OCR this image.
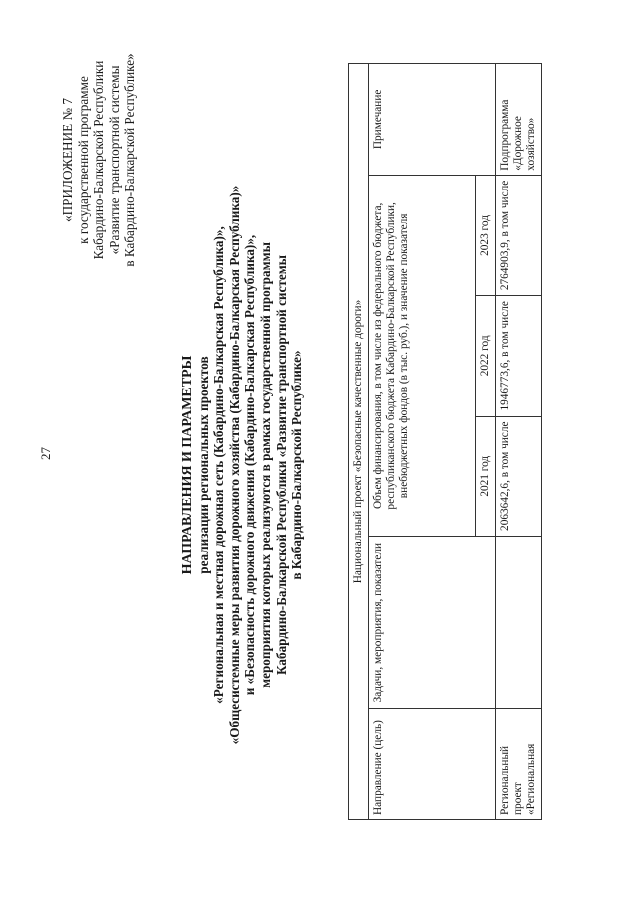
27
«ПРИЛОЖЕНИЕ № 7 к государственной программе Кабардино-Балкарской Республики «Развитие транспортной системы в Кабардино-Балкарской Республике»
НАПРАВЛЕНИЯ И ПАРАМЕТРЫ реализации региональных проектов «Региональная и местная дорожная сеть (Кабардино-Балкарская Республика)», «Общесистемные меры развития дорожного хозяйства (Кабардино-Балкарская Республика)» и «Безопасность дорожного движения (Кабардино-Балкарская Республика)», мероприятия которых реализуются в рамках государственной программы Кабардино-Балкарской Республики «Развитие транспортной системы в Кабардино-Балкарской Республике»	Национальный проект «Безопасные качественные дороги»					
Направление (цель)	Задачи, мероприятия, показатели	Объем финансирования, в том числе из федерального бюджета, республиканского бюджета Кабардино-Балкарской Республики, внебюджетных фондов (в тыс. руб.), и значение показателя			Примечание
		2021 год	2022 год	2023 год	
Региональный проект «Региональная		2063642,6, в том числе	1946773,6, в том числе	2764903,9, в том числе	Подпрограмма «Дорожное хозяйство»
